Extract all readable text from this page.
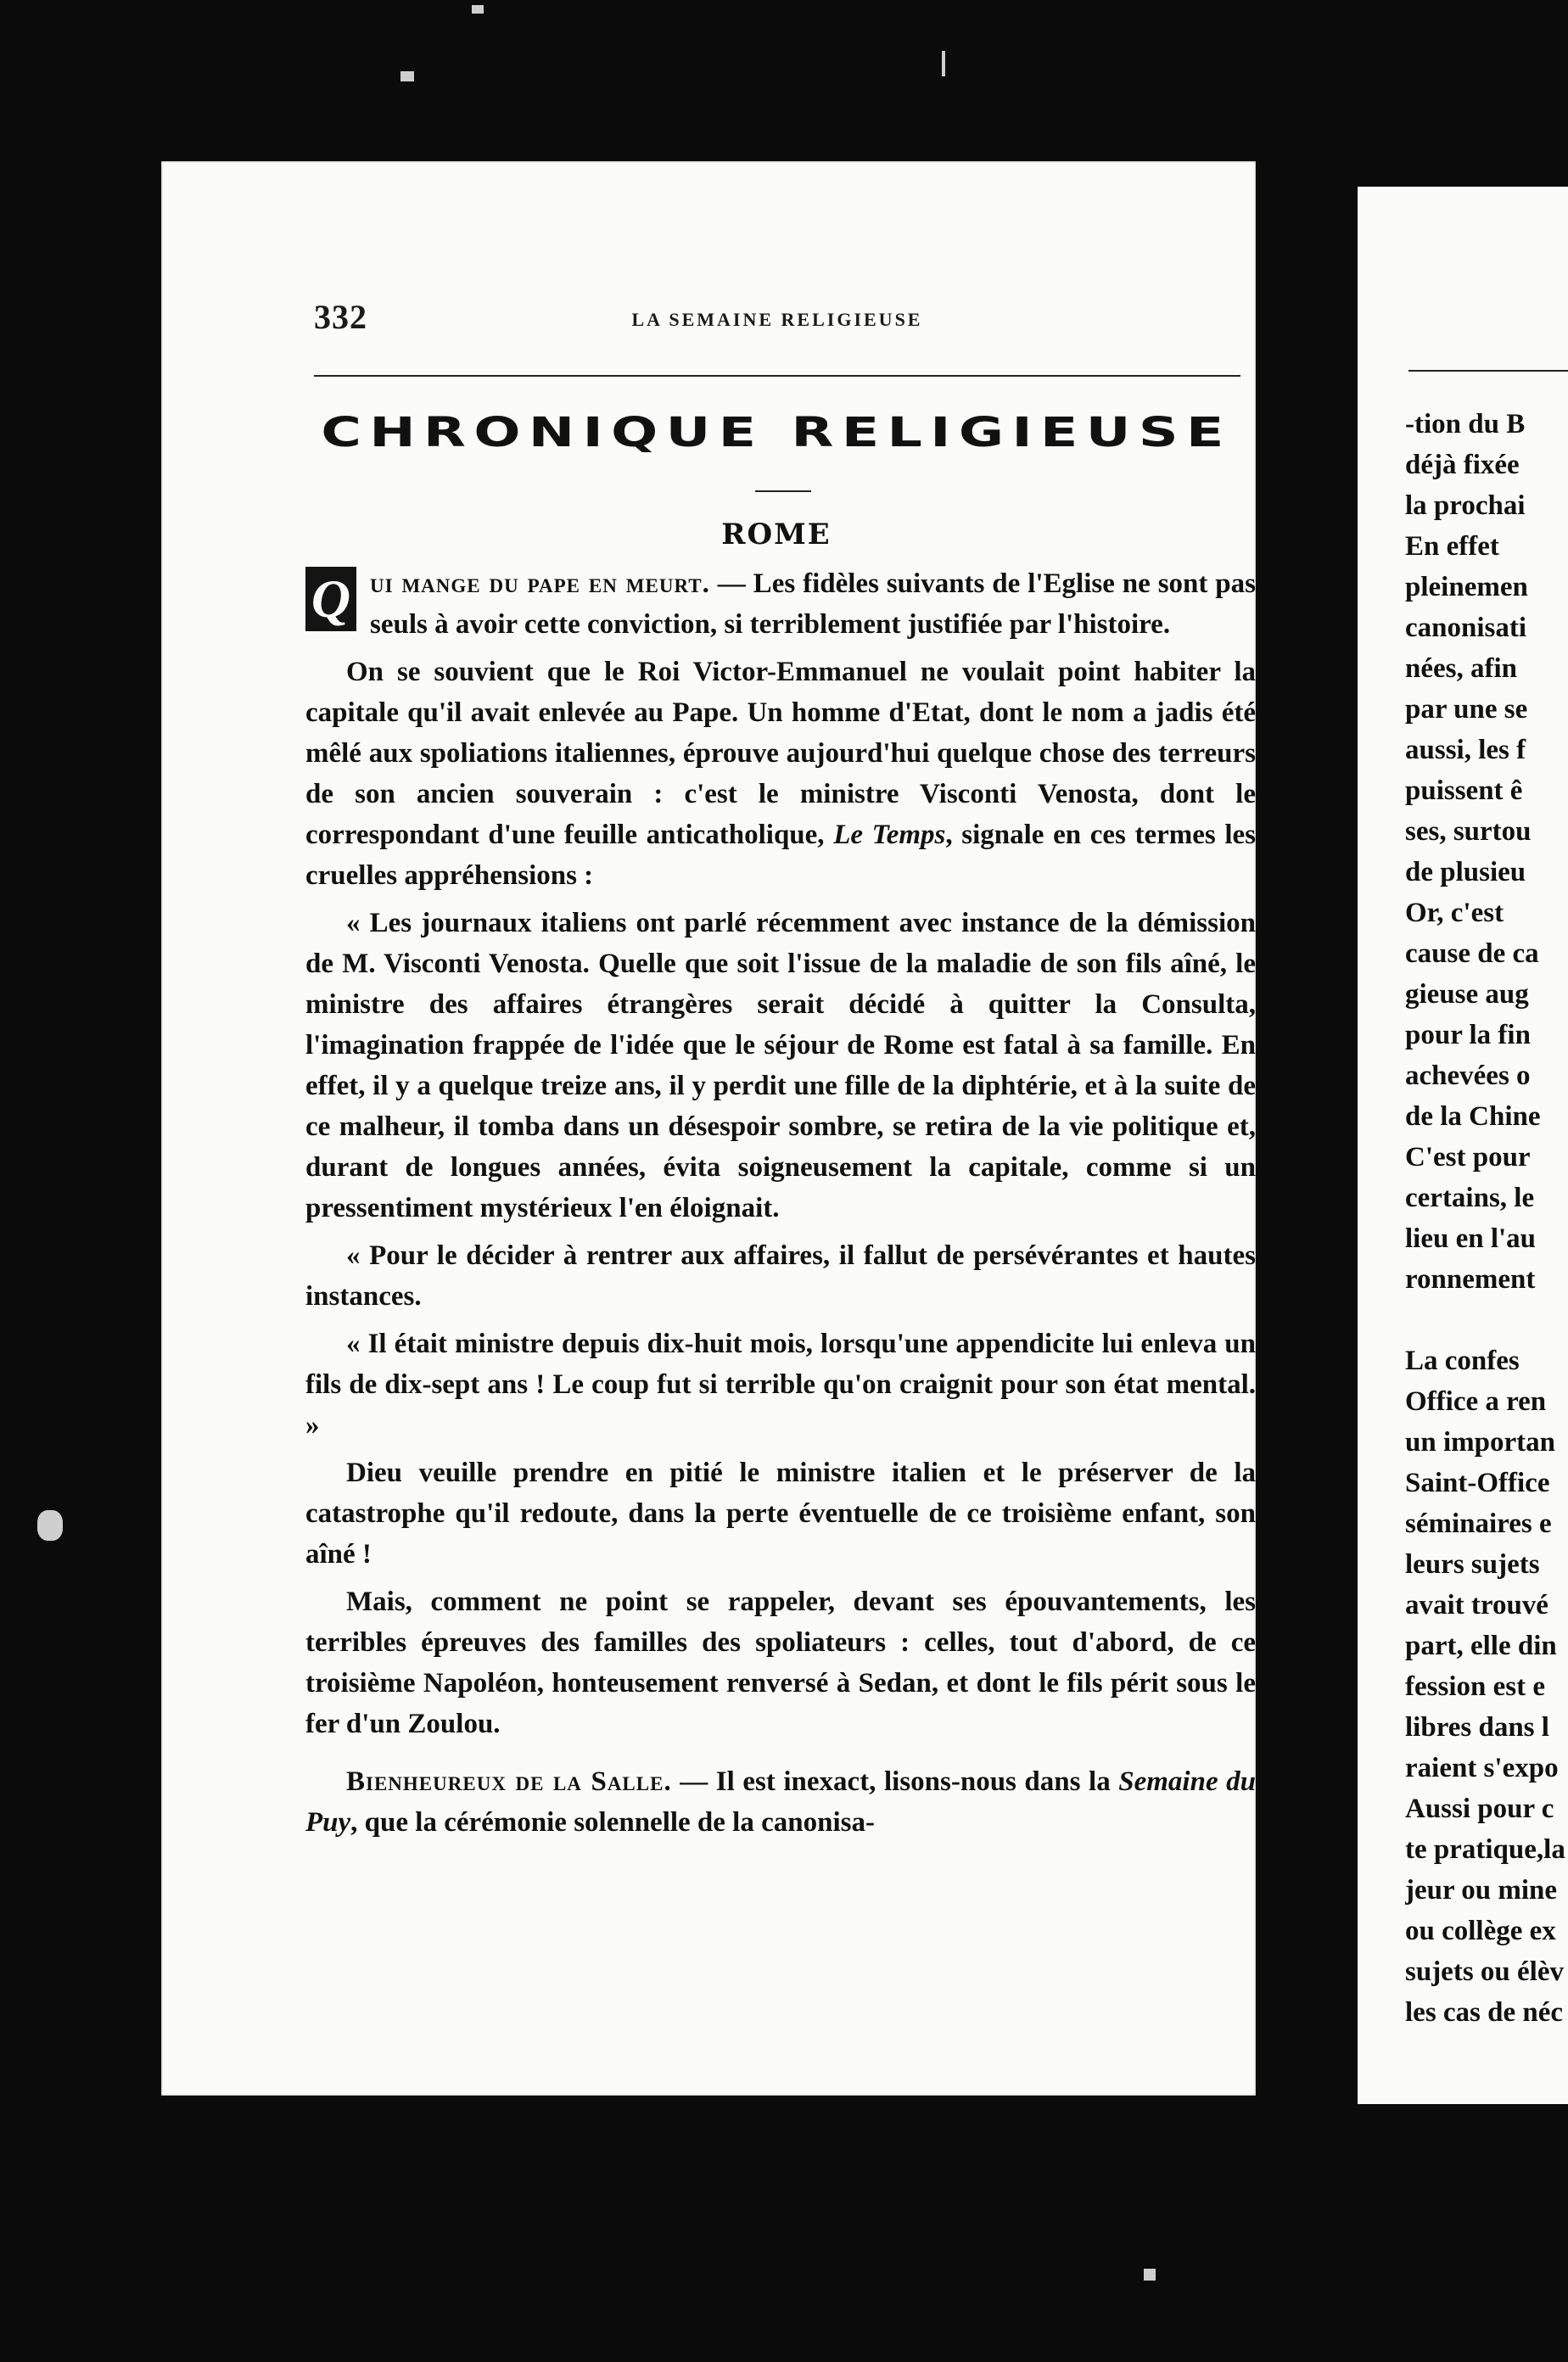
332	LA SEMAINE RELIGIEUSE
CHRONIQUE RELIGIEUSE
ROME

Q ui mange du pape en meurt. — Les fidèles suivants de l'Eglise ne sont pas seuls à avoir cette conviction, si terriblement justifiée par l'histoire.

On se souvient que le Roi Victor-Emmanuel ne voulait point habiter la capitale qu'il avait enlevée au Pape. Un homme d'Etat, dont le nom a jadis été mêlé aux spoliations italiennes, éprouve aujourd'hui quelque chose des terreurs de son ancien souverain : c'est le ministre Visconti Venosta, dont le correspondant d'une feuille anticatholique, Le Temps, signale en ces termes les cruelles appréhensions :

« Les journaux italiens ont parlé récemment avec instance de la démission de M. Visconti Venosta. Quelle que soit l'issue de la maladie de son fils aîné, le ministre des affaires étrangères serait décidé à quitter la Consulta, l'imagination frappée de l'idée que le séjour de Rome est fatal à sa famille. En effet, il y a quelque treize ans, il y perdit une fille de la diphtérie, et à la suite de ce malheur, il tomba dans un désespoir sombre, se retira de la vie politique et, durant de longues années, évita soigneusement la capitale, comme si un pressentiment mystérieux l'en éloignait.

« Pour le décider à rentrer aux affaires, il fallut de persévérantes et hautes instances.

« Il était ministre depuis dix-huit mois, lorsqu'une appendicite lui enleva un fils de dix-sept ans ! Le coup fut si terrible qu'on craignit pour son état mental. »

Dieu veuille prendre en pitié le ministre italien et le préserver de la catastrophe qu'il redoute, dans la perte éventuelle de ce troisième enfant, son aîné !

Mais, comment ne point se rappeler, devant ses épouvantements, les terribles épreuves des familles des spoliateurs : celles, tout d'abord, de ce troisième Napoléon, honteusement renversé à Sedan, et dont le fils périt sous le fer d'un Zoulou.

Bienheureux de la Salle. — Il est inexact, lisons-nous dans la Semaine du Puy, que la cérémonie solennelle de la canonisa-

-tion du B
déjà fixée
la prochai
En effet
pleinemen
canonisati
nées, afin
par une se
aussi, les f
puissent ê
ses, surtou
de plusieu
Or, c'est
cause de ca
gieuse aug
pour la fin
achevées o
de la Chine
C'est pour
certains, le
lieu en l'au
ronnement
La confes
Office a ren
un importan
Saint-Office
séminaires e
leurs sujets
avait trouvé
part, elle din
fession est e
libres dans l
raient s'expo
Aussi pour c
te pratique,la
jeur ou mine
ou collège ex
sujets ou élèv
les cas de néc
